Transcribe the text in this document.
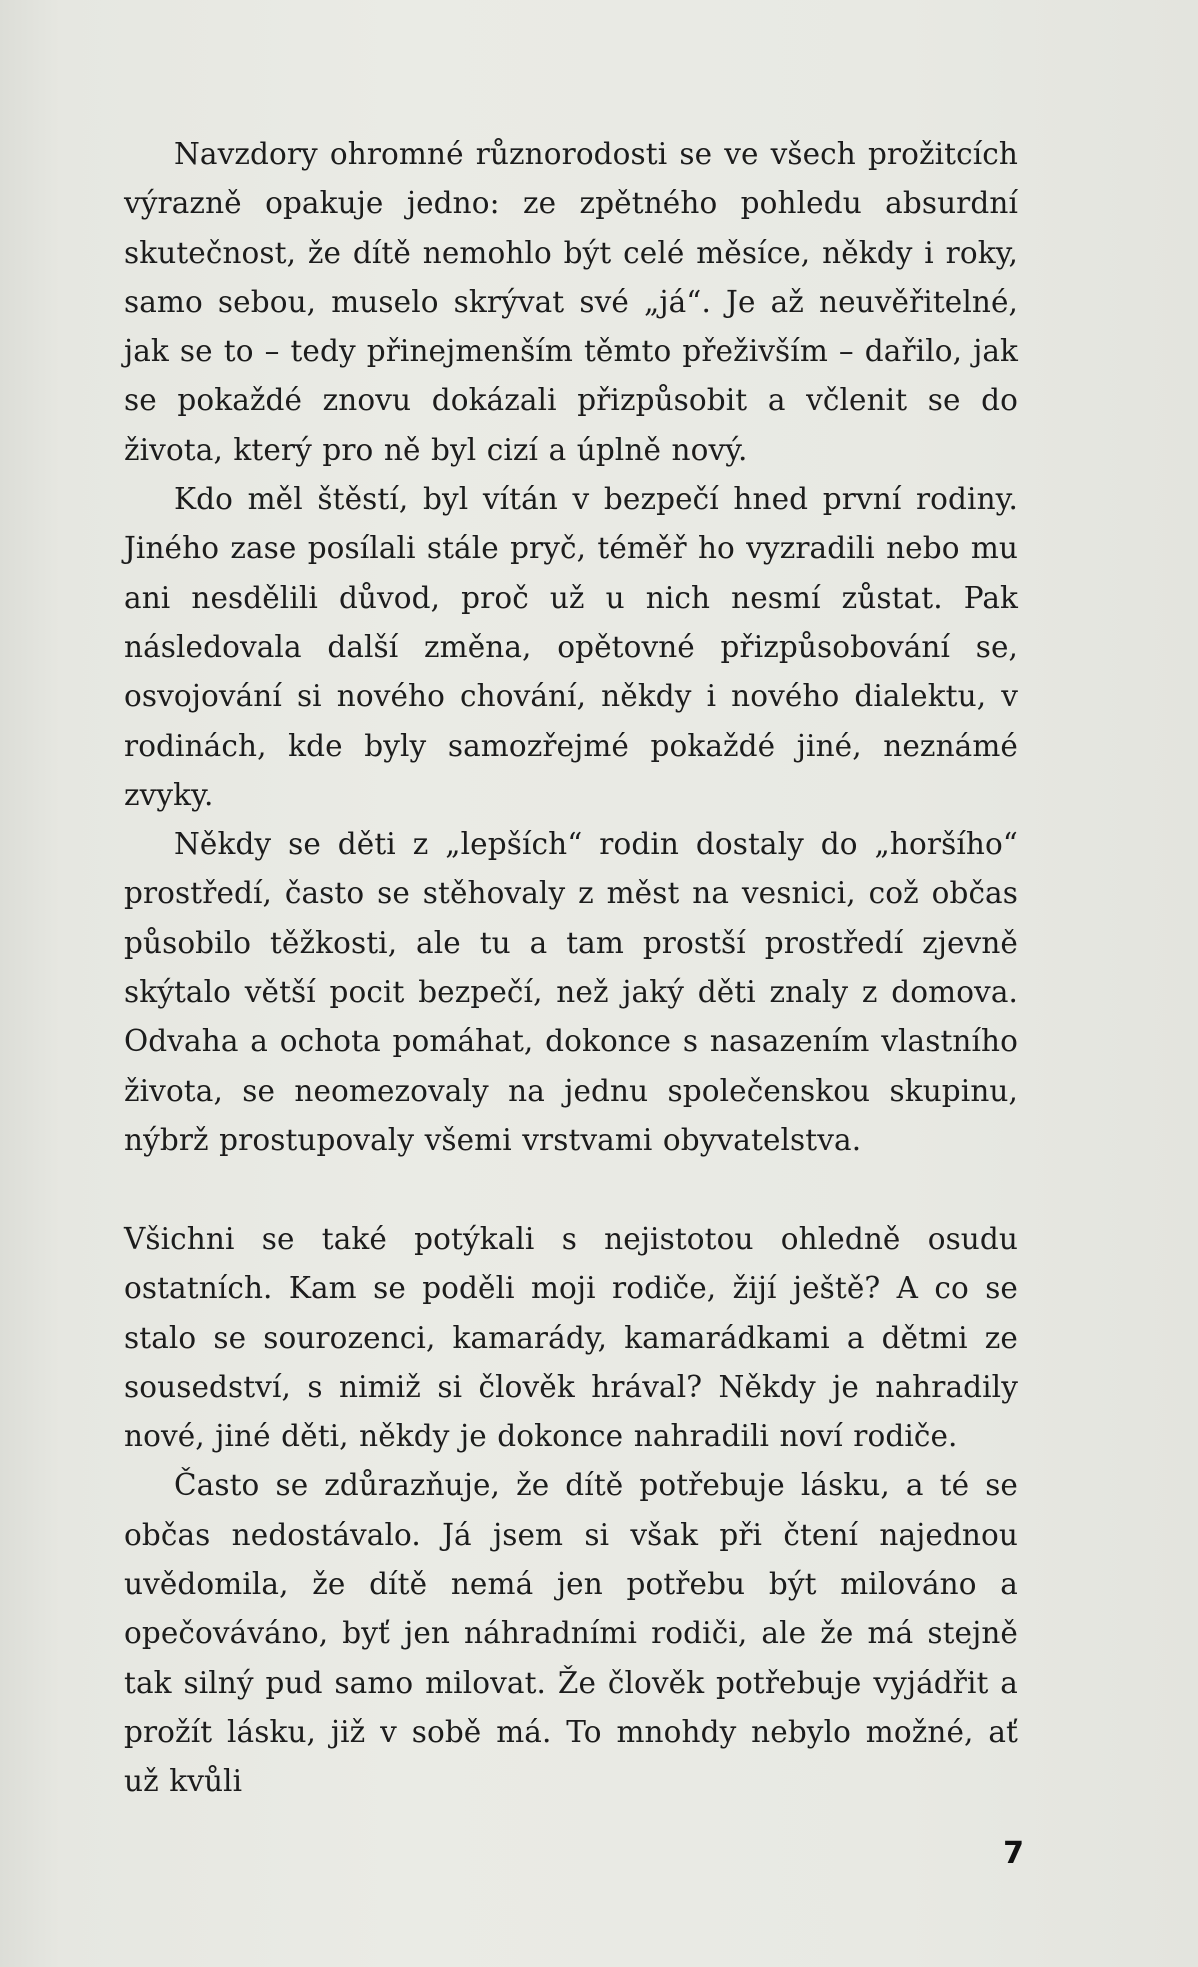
Navzdory ohromné různorodosti se ve všech prožitcích výrazně opakuje jedno: ze zpětného pohledu absurdní skutečnost, že dítě nemohlo být celé měsíce, někdy i roky, samo sebou, muselo skrývat své „já“. Je až neuvěřitelné, jak se to – tedy přinejmenším těmto přeživším – dařilo, jak se pokaždé znovu dokázali přizpůsobit a včlenit se do života, který pro ně byl cizí a úplně nový.

Kdo měl štěstí, byl vítán v bezpečí hned první rodiny. Jiného zase posílali stále pryč, téměř ho vyzradili nebo mu ani nesdělili důvod, proč už u nich nesmí zůstat. Pak následovala další změna, opětovné přizpůsobování se, osvojování si nového chování, někdy i nového dialektu, v rodinách, kde byly samozřejmé pokaždé jiné, neznámé zvyky.

Někdy se děti z „lepších“ rodin dostaly do „horšího“ prostředí, často se stěhovaly z měst na vesnici, což občas působilo těžkosti, ale tu a tam prostší prostředí zjevně skýtalo větší pocit bezpečí, než jaký děti znaly z domova. Odvaha a ochota pomáhat, dokonce s nasazením vlastního života, se neomezovaly na jednu společenskou skupinu, nýbrž prostupovaly všemi vrstvami obyvatelstva.

Všichni se také potýkali s nejistotou ohledně osudu ostatních. Kam se poděli moji rodiče, žijí ještě? A co se stalo se sourozenci, kamarády, kamarádkami a dětmi ze sousedství, s nimiž si člověk hrával? Někdy je nahradily nové, jiné děti, někdy je dokonce nahradili noví rodiče.

Často se zdůrazňuje, že dítě potřebuje lásku, a té se občas nedostávalo. Já jsem si však při čtení najednou uvědomila, že dítě nemá jen potřebu být milováno a opečováváno, byť jen náhradními rodiči, ale že má stejně tak silný pud samo milovat. Že člověk potřebuje vyjádřit a prožít lásku, již v sobě má. To mnohdy nebylo možné, ať už kvůli

7
